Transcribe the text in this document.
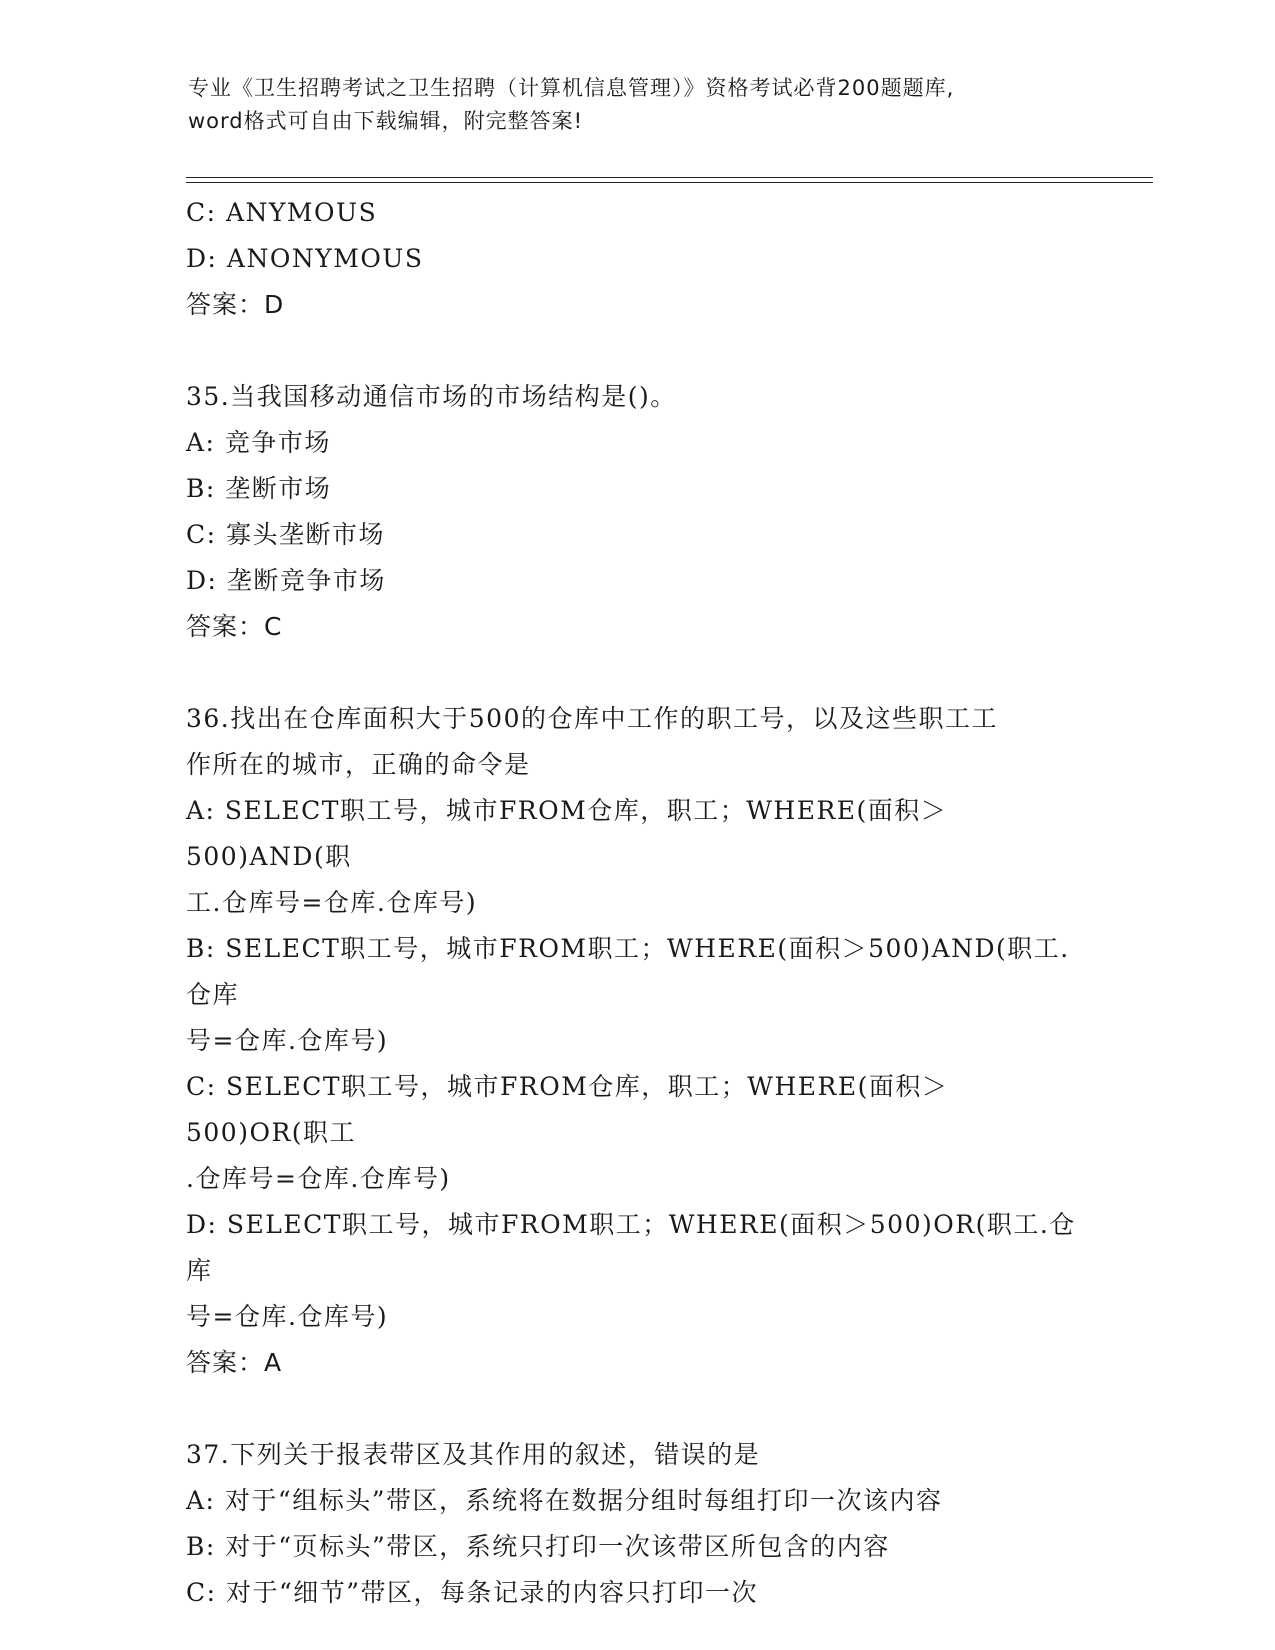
专业《卫生招聘考试之卫生招聘（计算机信息管理）》资格考试必背200题题库,
word格式可自由下载编辑，附完整答案!
C: ANYMOUS
D: ANONYMOUS
答案：D
35.当我国移动通信市场的市场结构是()。
A: 竞争市场
B: 垄断市场
C: 寡头垄断市场
D: 垄断竞争市场
答案：C
36.找出在仓库面积大于500的仓库中工作的职工号，以及这些职工工
作所在的城市，正确的命令是
A: SELECT职工号，城市FROM仓库，职工；WHERE(面积＞500)AND(职
工.仓库号=仓库.仓库号)
B: SELECT职工号，城市FROM职工；WHERE(面积＞500)AND(职工.仓库
号=仓库.仓库号)
C: SELECT职工号，城市FROM仓库，职工；WHERE(面积＞500)OR(职工
.仓库号=仓库.仓库号)
D: SELECT职工号，城市FROM职工；WHERE(面积＞500)OR(职工.仓库
号=仓库.仓库号)
答案：A
37.下列关于报表带区及其作用的叙述，错误的是
A: 对于“组标头”带区，系统将在数据分组时每组打印一次该内容
B: 对于“页标头”带区，系统只打印一次该带区所包含的内容
C: 对于“细节”带区，每条记录的内容只打印一次
